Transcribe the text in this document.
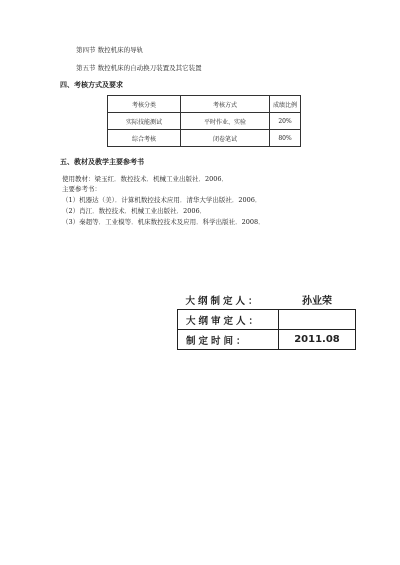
第四节 数控机床的导轨
第五节 数控机床的自动换刀装置及其它装置
四、考核方式及要求
考核分类	考核方式	成绩比例
实际技能测试	平时作业、实验	20%
综合考核	闭卷笔试	80%
五、教材及教学主要参考书
使用教材：梁玉红．数控技术．机械工业出版社．2006．
主要参考书：
（1）机器达（美）．计算机数控技术应用．清华大学出版社．2006．
（2）肖江．数控技术．机械工业出版社．2006．
（3）秦超等．工业模等．机床数控技术及应用．科学出版社．2008．
大纲制定人：	孙业荣
大纲审定人：	
制定时间：	2011.08
